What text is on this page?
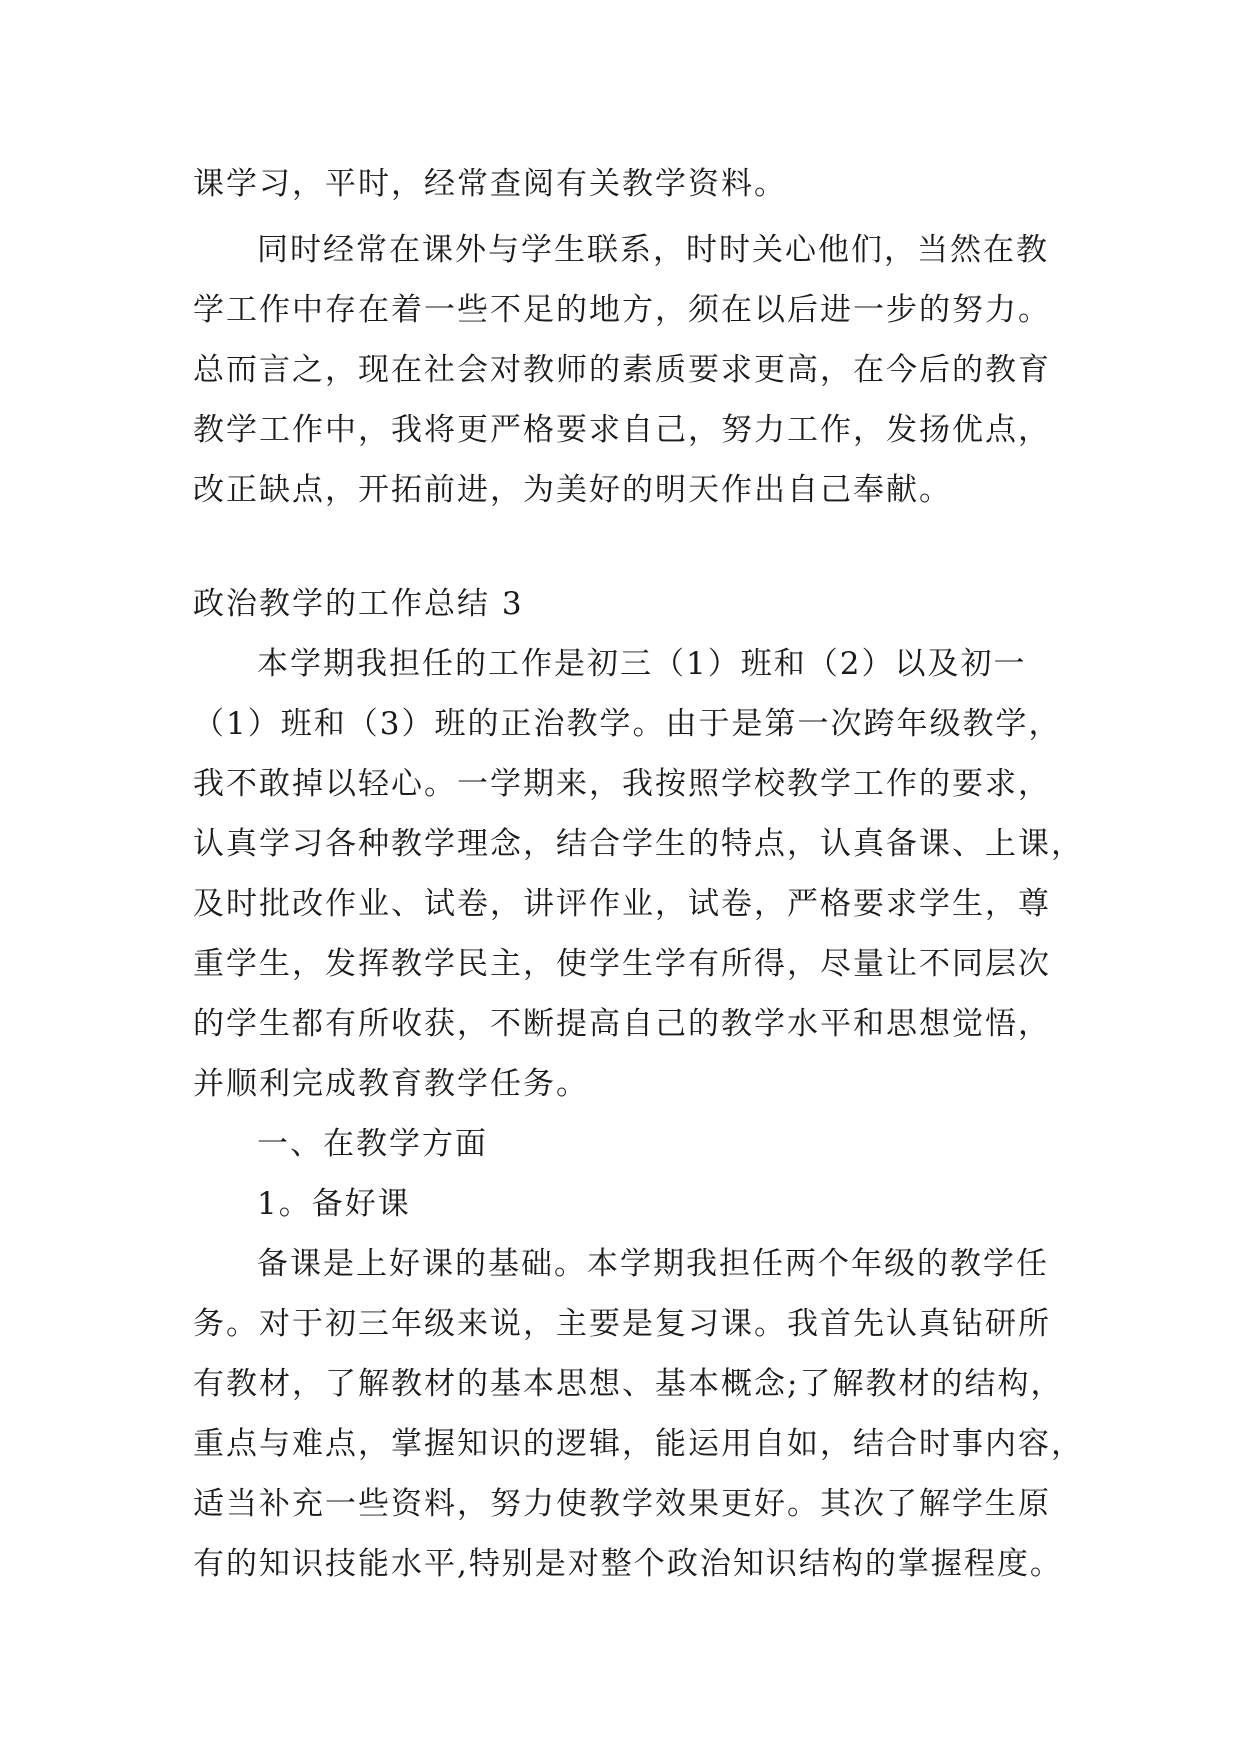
课学习，平时，经常查阅有关教学资料。
同时经常在课外与学生联系，时时关心他们，当然在教
学工作中存在着一些不足的地方，须在以后进一步的努力。
总而言之，现在社会对教师的素质要求更高，在今后的教育
教学工作中，我将更严格要求自己，努力工作，发扬优点，
改正缺点，开拓前进，为美好的明天作出自己奉献。
政治教学的工作总结 3
本学期我担任的工作是初三（1）班和（2）以及初一
（1）班和（3）班的正治教学。由于是第一次跨年级教学，
我不敢掉以轻心。一学期来，我按照学校教学工作的要求，
认真学习各种教学理念，结合学生的特点，认真备课、上课，
及时批改作业、试卷，讲评作业，试卷，严格要求学生，尊
重学生，发挥教学民主，使学生学有所得，尽量让不同层次
的学生都有所收获，不断提高自己的教学水平和思想觉悟，
并顺利完成教育教学任务。
一、在教学方面
1。备好课
备课是上好课的基础。本学期我担任两个年级的教学任
务。对于初三年级来说，主要是复习课。我首先认真钻研所
有教材，了解教材的基本思想、基本概念;了解教材的结构，
重点与难点，掌握知识的逻辑，能运用自如，结合时事内容，
适当补充一些资料，努力使教学效果更好。其次了解学生原
有的知识技能水平,特别是对整个政治知识结构的掌握程度。
